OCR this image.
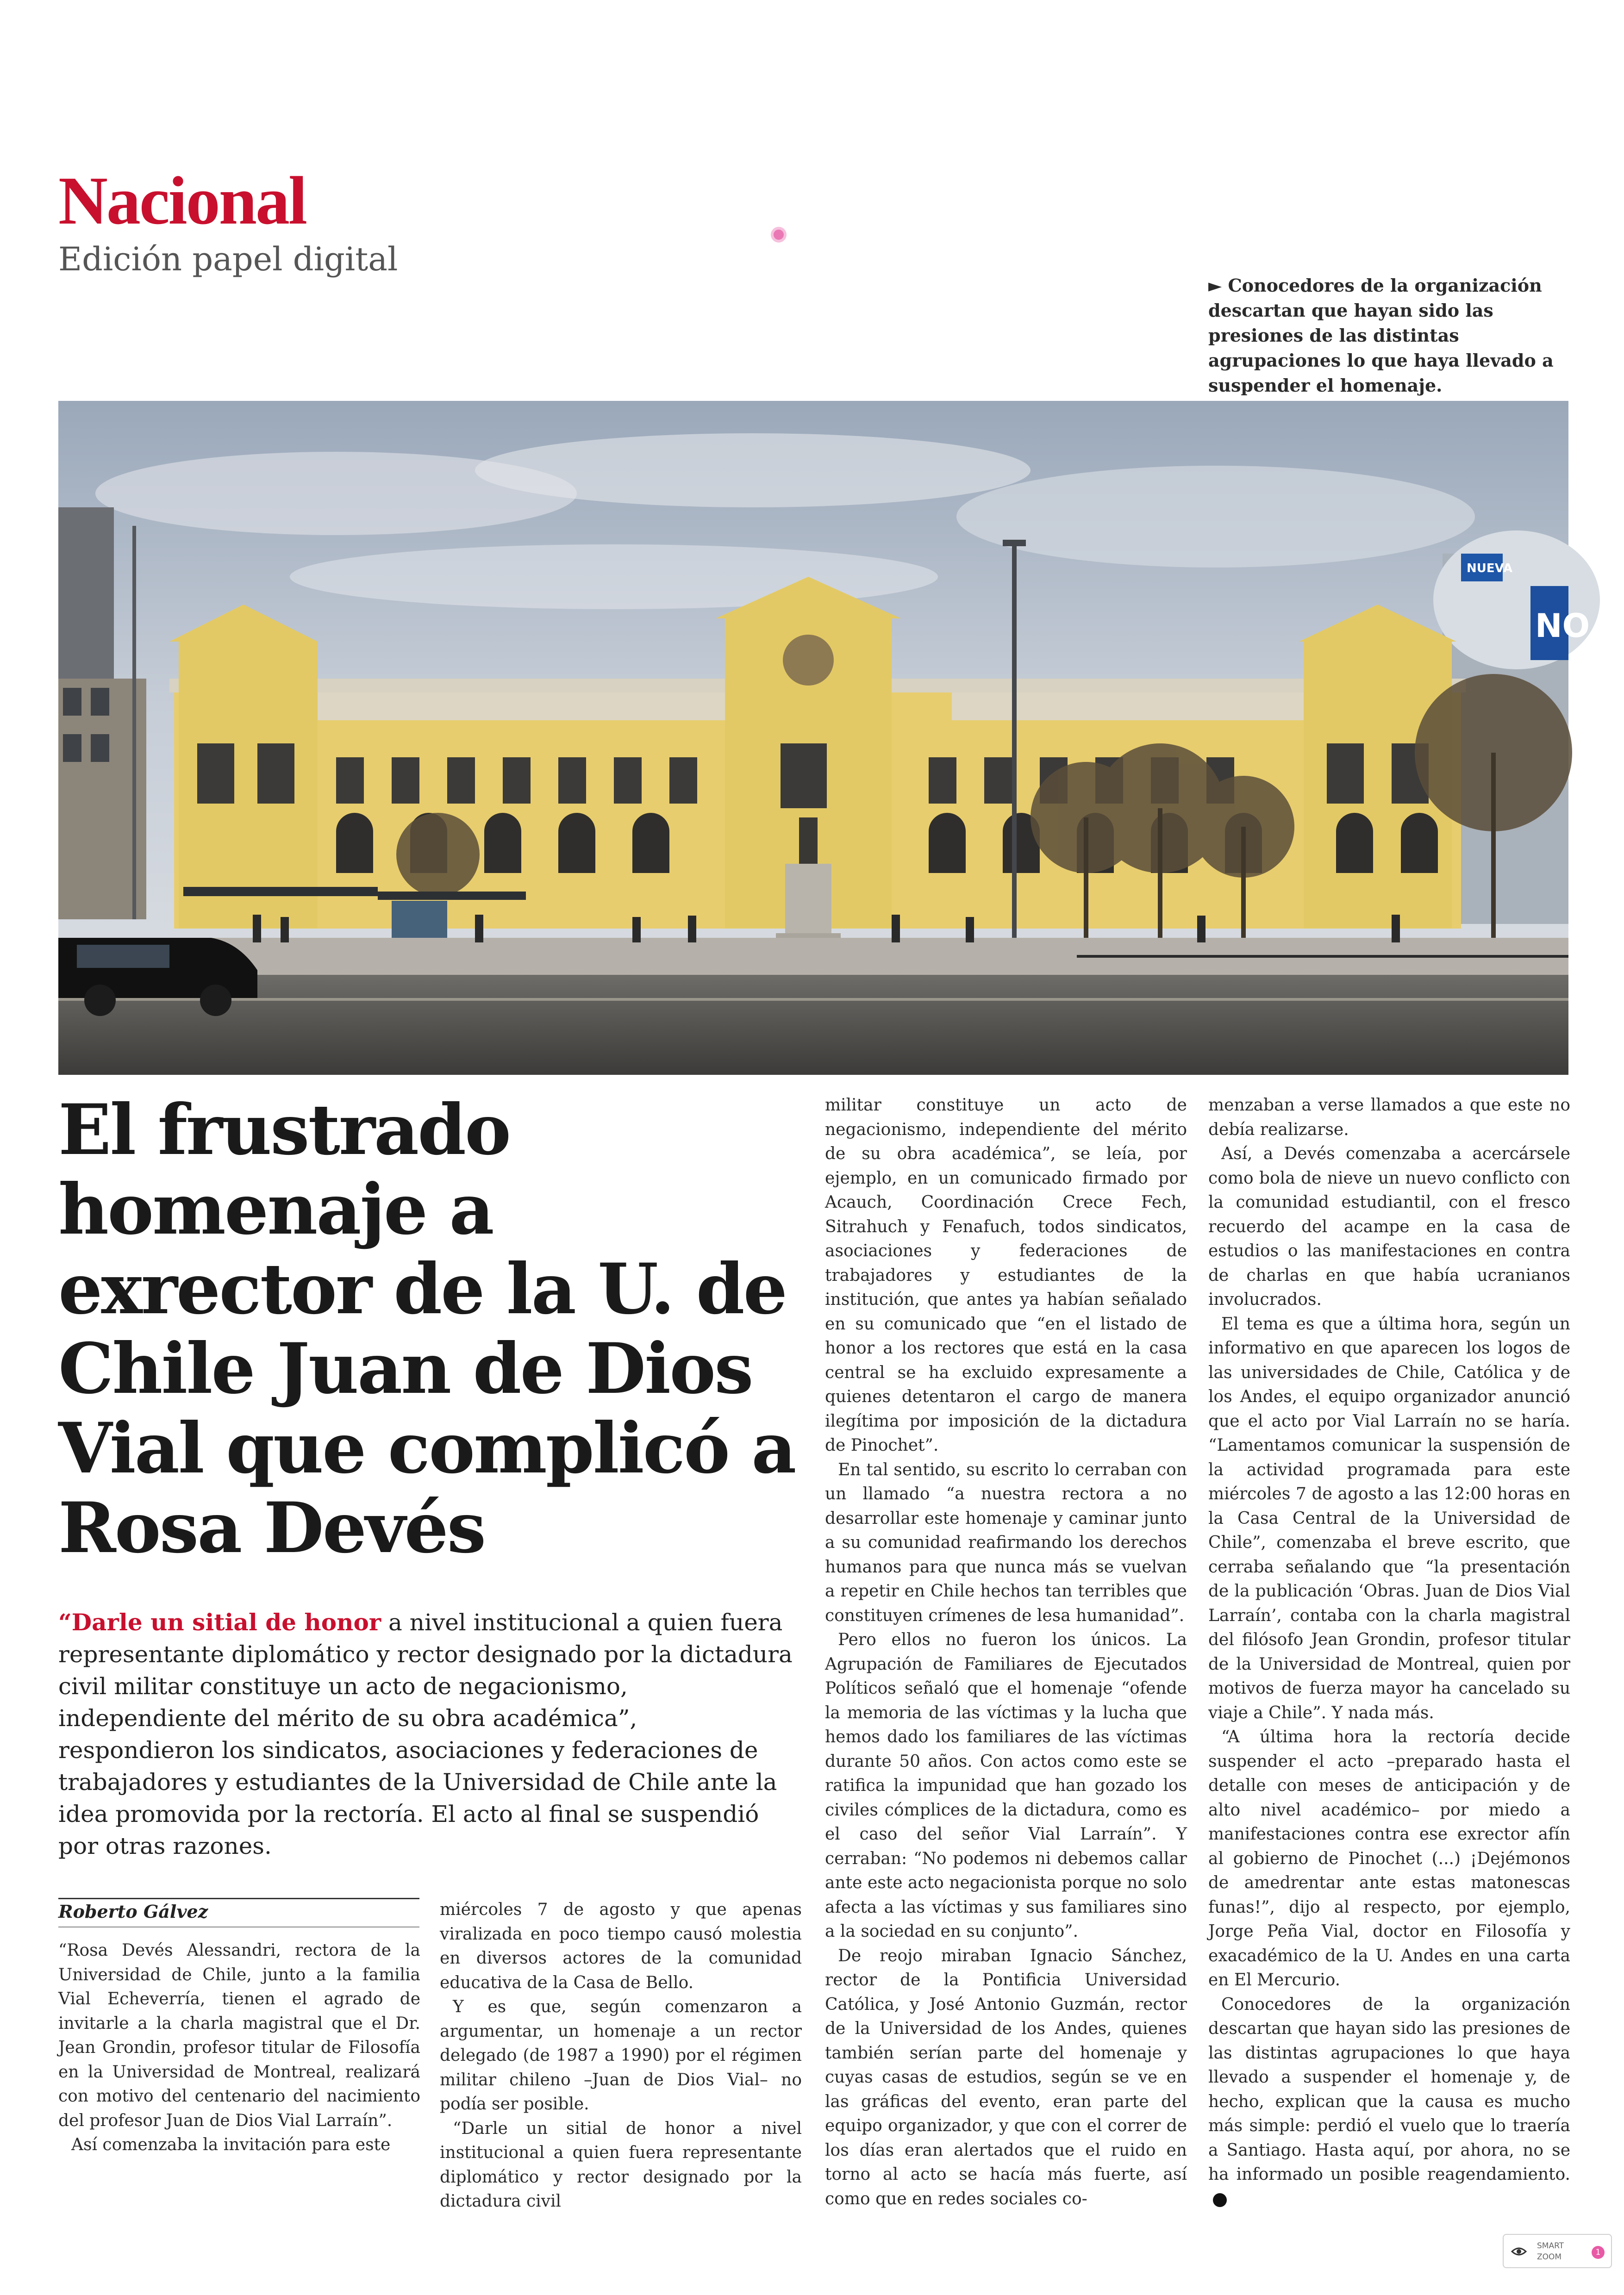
Nacional
Edición papel digital
► Conocedores de la organización descartan que hayan sido las presiones de las distintas agrupaciones lo que haya llevado a suspender el homenaje.
NUEVA
NO
El frustrado homenaje a exrector de la U. de Chile Juan de Dios Vial que complicó a Rosa Devés
“Darle un sitial de honor a nivel institucional a quien fuera representante diplomático y rector designado por la dictadura civil militar constituye un acto de negacionismo, independiente del mérito de su obra académica”, respondieron los sindicatos, asociaciones y federaciones de trabajadores y estudiantes de la Universidad de Chile ante la idea promovida por la rectoría. El acto al final se suspendió por otras razones.
Roberto Gálvez

“Rosa Devés Alessandri, rectora de la Universidad de Chile, junto a la familia Vial Echeverría, tienen el agrado de invitarle a la charla magistral que el Dr. Jean Grondin, profesor titular de Filosofía en la Universidad de Montreal, realizará con motivo del centenario del nacimiento del profesor Juan de Dios Vial Larraín”.

Así comenzaba la invitación para este

miércoles 7 de agosto y que apenas viralizada en poco tiempo causó molestia en diversos actores de la comunidad educativa de la Casa de Bello.

Y es que, según comenzaron a argumentar, un homenaje a un rector delegado (de 1987 a 1990) por el régimen militar chileno –Juan de Dios Vial– no podía ser posible.

“Darle un sitial de honor a nivel institucional a quien fuera representante diplomático y rector designado por la dictadura civil

militar constituye un acto de negacionismo, independiente del mérito de su obra académica”, se leía, por ejemplo, en un comunicado firmado por Acauch, Coordinación Crece Fech, Sitrahuch y Fenafuch, todos sindicatos, asociaciones y federaciones de trabajadores y estudiantes de la institución, que antes ya habían señalado en su comunicado que “en el listado de honor a los rectores que está en la casa central se ha excluido expresamente a quienes detentaron el cargo de manera ilegítima por imposición de la dictadura de Pinochet”.

En tal sentido, su escrito lo cerraban con un llamado “a nuestra rectora a no desarrollar este homenaje y caminar junto a su comunidad reafirmando los derechos humanos para que nunca más se vuelvan a repetir en Chile hechos tan terribles que constituyen crímenes de lesa humanidad”.

Pero ellos no fueron los únicos. La Agrupación de Familiares de Ejecutados Políticos señaló que el homenaje “ofende la memoria de las víctimas y la lucha que hemos dado los familiares de las víctimas durante 50 años. Con actos como este se ratifica la impunidad que han gozado los civiles cómplices de la dictadura, como es el caso del señor Vial Larraín”. Y cerraban: “No podemos ni debemos callar ante este acto negacionista porque no solo afecta a las víctimas y sus familiares sino a la sociedad en su conjunto”.

De reojo miraban Ignacio Sánchez, rector de la Pontificia Universidad Católica, y José Antonio Guzmán, rector de la Universidad de los Andes, quienes también serían parte del homenaje y cuyas casas de estudios, según se ve en las gráficas del evento, eran parte del equipo organizador, y que con el correr de los días eran alertados que el ruido en torno al acto se hacía más fuerte, así como que en redes sociales co-

menzaban a verse llamados a que este no debía realizarse.

Así, a Devés comenzaba a acercársele como bola de nieve un nuevo conflicto con la comunidad estudiantil, con el fresco recuerdo del acampe en la casa de estudios o las manifestaciones en contra de charlas en que había ucranianos involucrados.

El tema es que a última hora, según un informativo en que aparecen los logos de las universidades de Chile, Católica y de los Andes, el equipo organizador anunció que el acto por Vial Larraín no se haría. “Lamentamos comunicar la suspensión de la actividad programada para este miércoles 7 de agosto a las 12:00 horas en la Casa Central de la Universidad de Chile”, comenzaba el breve escrito, que cerraba señalando que “la presentación de la publicación ‘Obras. Juan de Dios Vial Larraín’, contaba con la charla magistral del filósofo Jean Grondin, profesor titular de la Universidad de Montreal, quien por motivos de fuerza mayor ha cancelado su viaje a Chile”. Y nada más.

“A última hora la rectoría decide suspender el acto –preparado hasta el detalle con meses de anticipación y de alto nivel académico– por miedo a manifestaciones contra ese exrector afín al gobierno de Pinochet (...) ¡Dejémonos de amedrentar ante estas matonescas funas!”, dijo al respecto, por ejemplo, Jorge Peña Vial, doctor en Filosofía y exacadémico de la U. Andes en una carta en El Mercurio.

Conocedores de la organización descartan que hayan sido las presiones de las distintas agrupaciones lo que haya llevado a suspender el homenaje y, de hecho, explican que la causa es mucho más simple: perdió el vuelo que lo traería a Santiago. Hasta aquí, por ahora, no se ha informado un posible reagendamiento.

SMART
ZOOM	1
